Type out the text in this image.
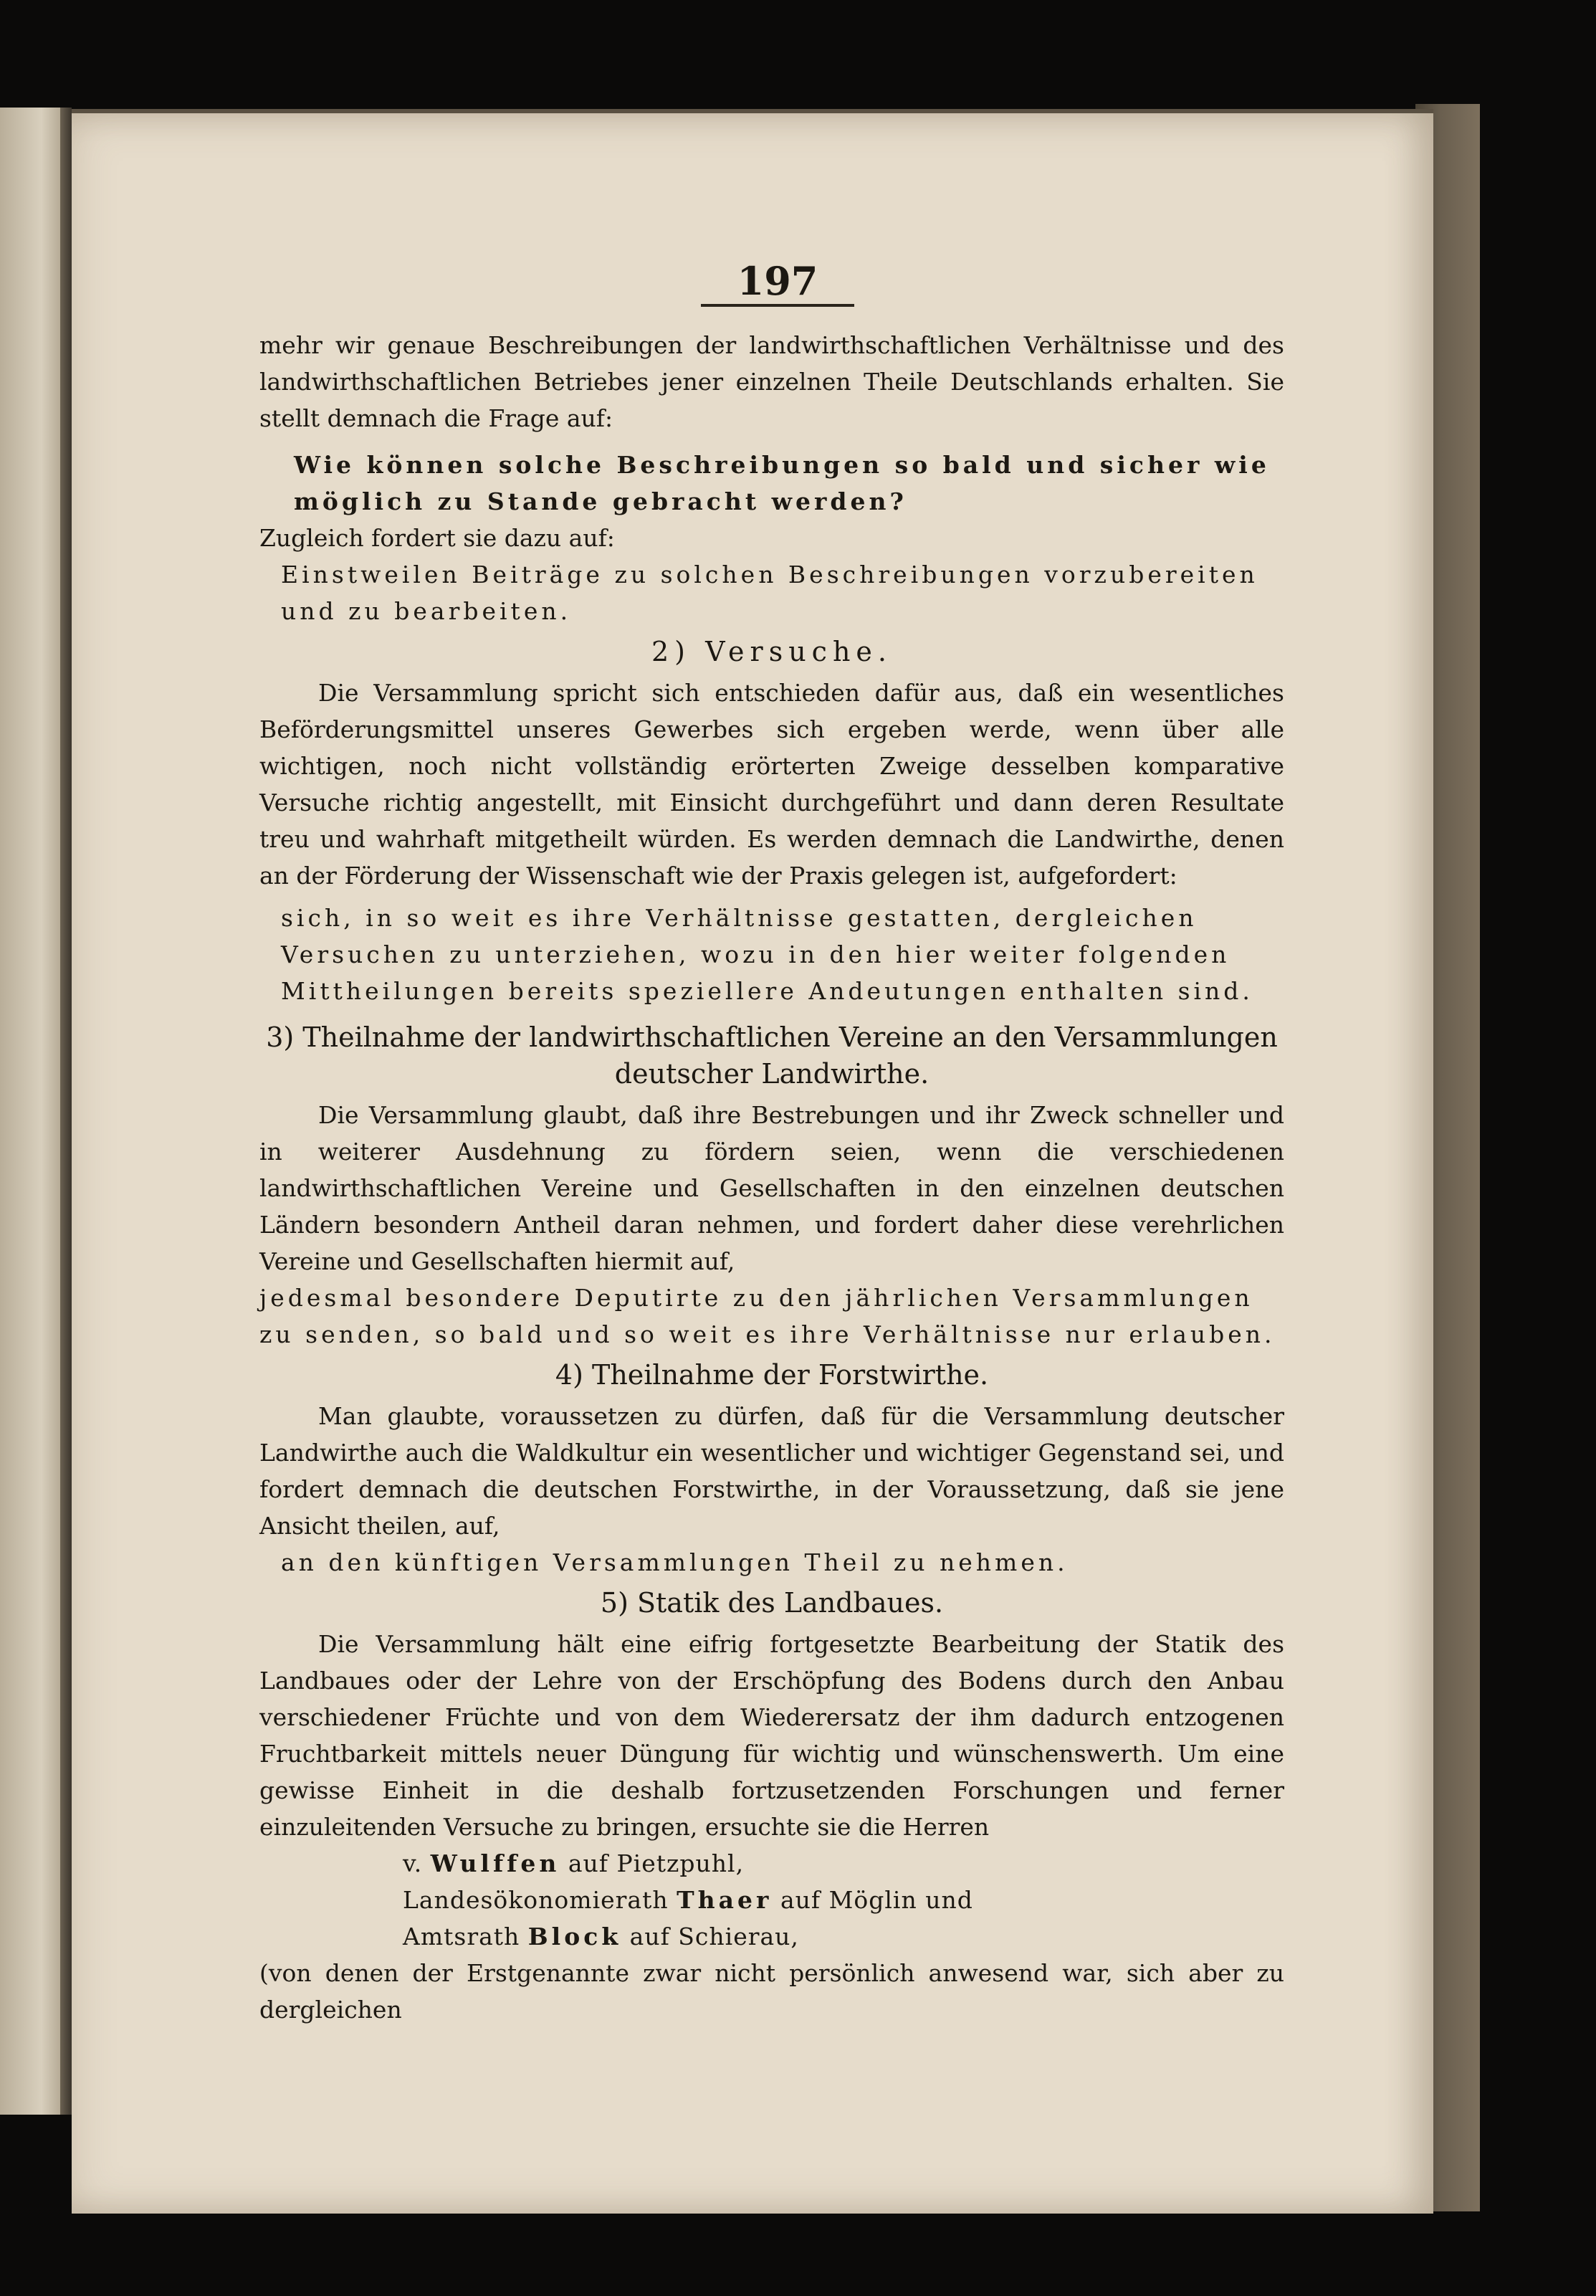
197

mehr wir genaue Beschreibungen der landwirthschaftlichen Verhältnisse und des landwirthschaftlichen Betriebes jener einzelnen Theile Deutschlands erhalten. Sie stellt demnach die Frage auf:

Wie können solche Beschreibungen so bald und sicher wie möglich zu Stande gebracht werden?

Zugleich fordert sie dazu auf:

Einstweilen Beiträge zu solchen Beschreibungen vorzubereiten und zu bearbeiten.

2) Versuche.

Die Versammlung spricht sich entschieden dafür aus, daß ein wesentliches Beförderungsmittel unseres Gewerbes sich ergeben werde, wenn über alle wichtigen, noch nicht vollständig erörterten Zweige desselben komparative Versuche richtig angestellt, mit Einsicht durchgeführt und dann deren Resultate treu und wahrhaft mitgetheilt würden. Es werden demnach die Landwirthe, denen an der Förderung der Wissenschaft wie der Praxis gelegen ist, aufgefordert:

sich, in so weit es ihre Verhältnisse gestatten, dergleichen Versuchen zu unterziehen, wozu in den hier weiter folgenden Mittheilungen bereits speziellere Andeutungen enthalten sind.

3) Theilnahme der landwirthschaftlichen Vereine an den Versammlungen deutscher Landwirthe.

Die Versammlung glaubt, daß ihre Bestrebungen und ihr Zweck schneller und in weiterer Ausdehnung zu fördern seien, wenn die verschiedenen landwirthschaftlichen Vereine und Gesellschaften in den einzelnen deutschen Ländern besondern Antheil daran nehmen, und fordert daher diese verehrlichen Vereine und Gesellschaften hiermit auf,

jedesmal besondere Deputirte zu den jährlichen Versammlungen zu senden, so bald und so weit es ihre Verhältnisse nur erlauben.

4) Theilnahme der Forstwirthe.

Man glaubte, voraussetzen zu dürfen, daß für die Versammlung deutscher Landwirthe auch die Waldkultur ein wesentlicher und wichtiger Gegenstand sei, und fordert demnach die deutschen Forstwirthe, in der Voraussetzung, daß sie jene Ansicht theilen, auf,

an den künftigen Versammlungen Theil zu nehmen.

5) Statik des Landbaues.

Die Versammlung hält eine eifrig fortgesetzte Bearbeitung der Statik des Landbaues oder der Lehre von der Erschöpfung des Bodens durch den Anbau verschiedener Früchte und von dem Wiederersatz der ihm dadurch entzogenen Fruchtbarkeit mittels neuer Düngung für wichtig und wünschenswerth. Um eine gewisse Einheit in die deshalb fortzusetzenden Forschungen und ferner einzuleitenden Versuche zu bringen, ersuchte sie die Herren

v. Wulffen auf Pietzpuhl,

Landesökonomierath Thaer auf Möglin und

Amtsrath Block auf Schierau,

(von denen der Erstgenannte zwar nicht persönlich anwesend war, sich aber zu dergleichen
